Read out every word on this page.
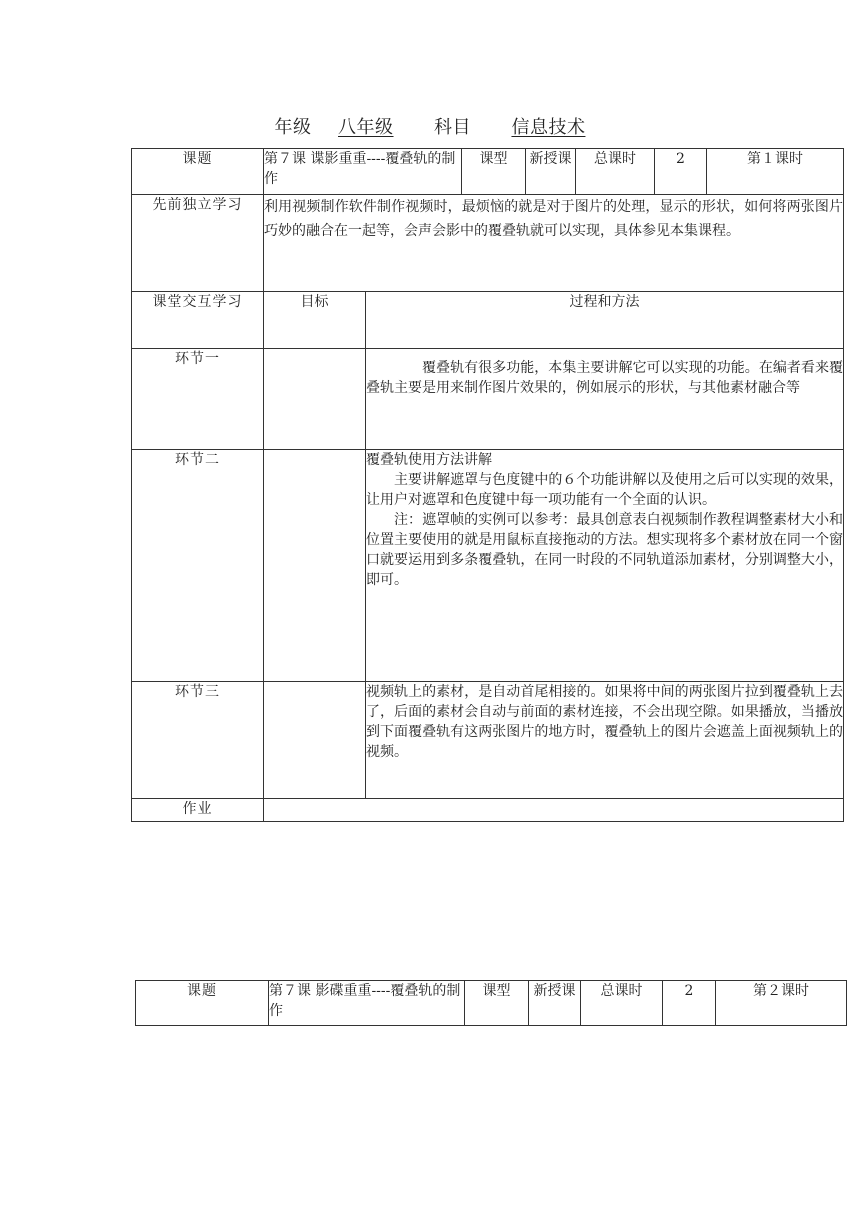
年级 八年级 科目 信息技术
课题	第７课 谍影重重----覆叠轨的制作		课型	新授课	总课时	2	第１课时
先前独立学习	利用视频制作软件制作视频时，最烦恼的就是对于图片的处理，显示的形状，如何将两张图片巧妙的融合在一起等，会声会影中的覆叠轨就可以实现，具体参见本集课程。						
课堂交互学习	目标	过程和方法					
环节一		覆叠轨有很多功能，本集主要讲解它可以实现的功能。在编者看来覆叠轨主要是用来制作图片效果的，例如展示的形状，与其他素材融合等					

环节二		覆叠轨使用方法讲解
主要讲解遮罩与色度键中的６个功能讲解以及使用之后可以实现的效果，让用户对遮罩和色度键中每一项功能有一个全面的认识。
注：遮罩帧的实例可以参考：最具创意表白视频制作教程调整素材大小和位置主要使用的就是用鼠标直接拖动的方法。想实现将多个素材放在同一个窗口就要运用到多条覆叠轨，在同一时段的不同轨道添加素材，分别调整大小，即可。					

环节三		视频轨上的素材，是自动首尾相接的。如果将中间的两张图片拉到覆叠轨上去了，后面的素材会自动与前面的素材连接，不会出现空隙。如果播放，当播放到下面覆叠轨有这两张图片的地方时，覆叠轨上的图片会遮盖上面视频轨上的视频。					
作业							
课题	第７课 影碟重重----覆叠轨的制作	课型	新授课	总课时	2	第２课时
